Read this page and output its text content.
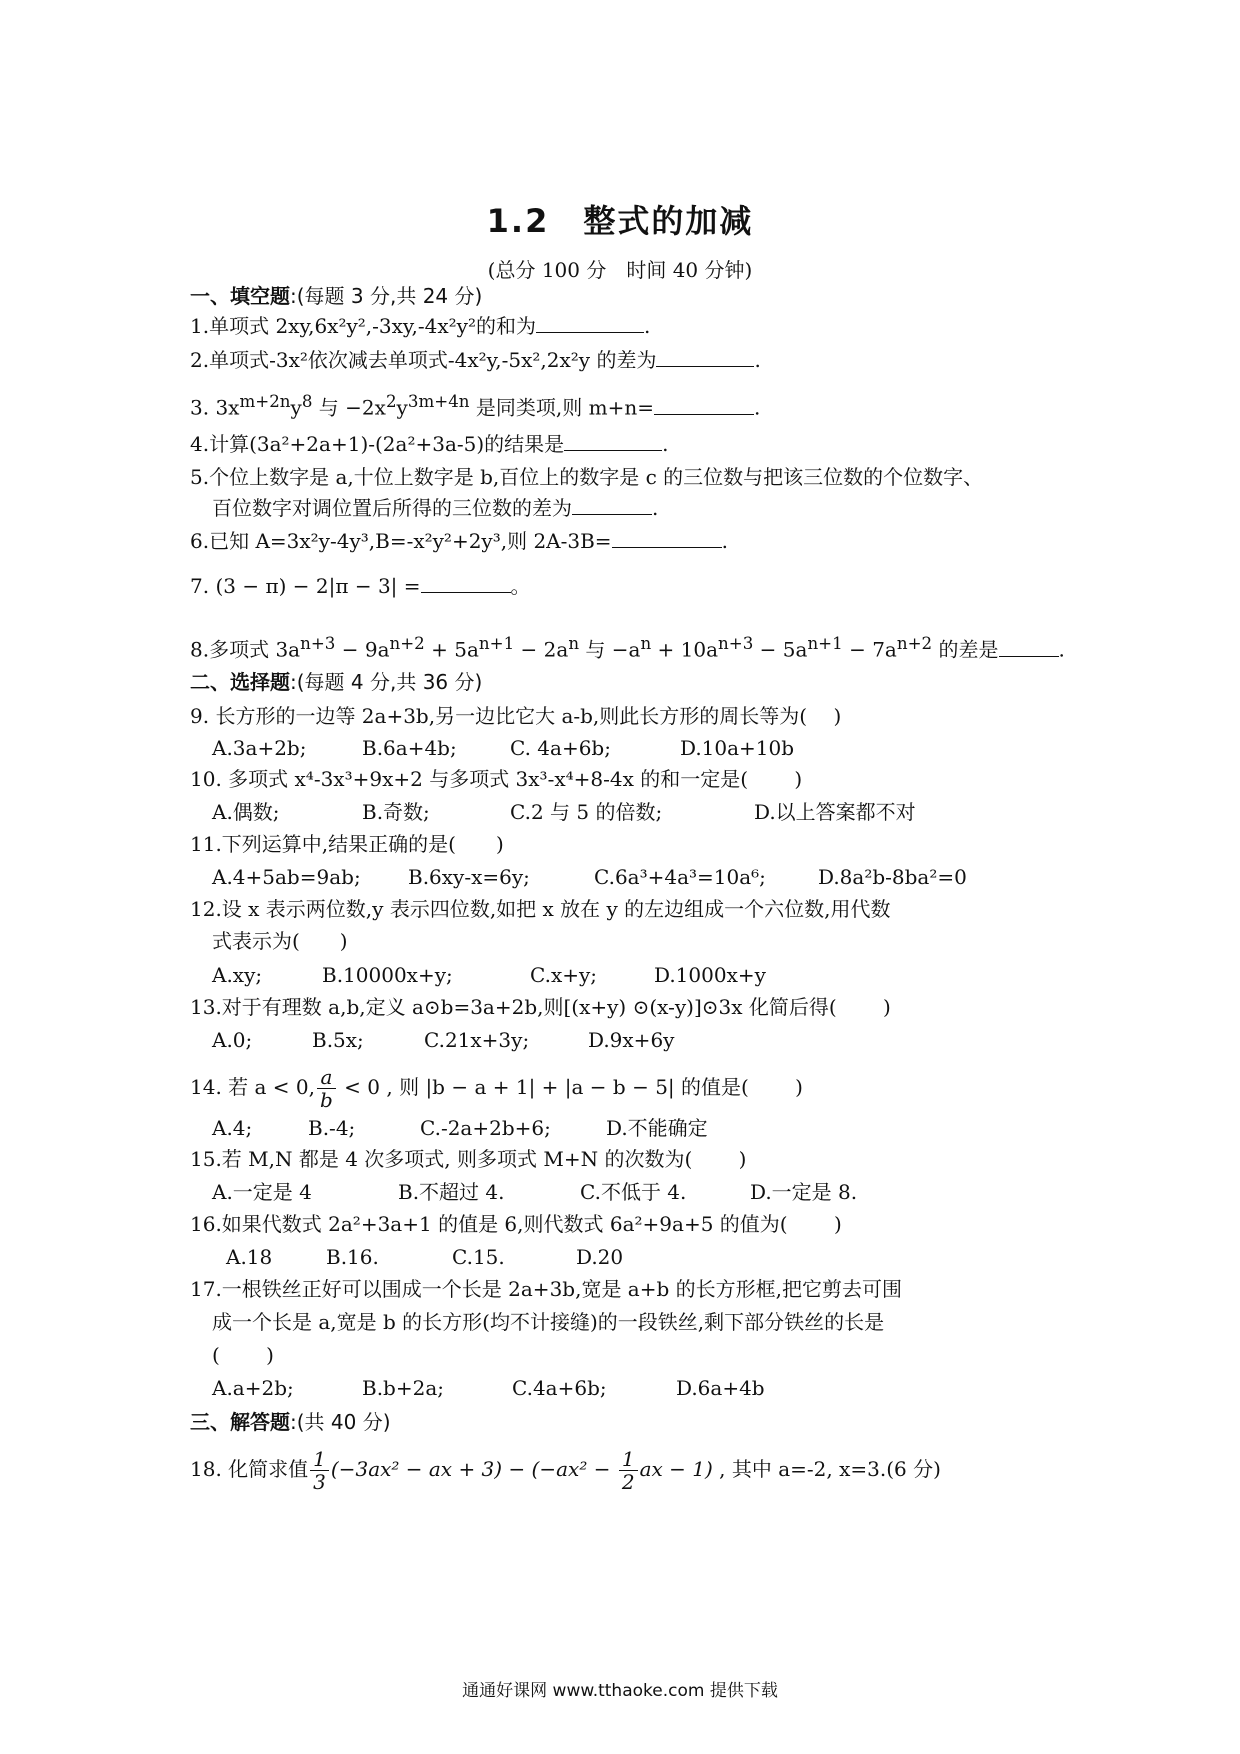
1.2　整式的加减
(总分 100 分　时间 40 分钟)
一、填空题:(每题 3 分,共 24 分)
1.单项式 2xy,6x²y²,-3xy,-4x²y²的和为	.
2.单项式-3x²依次减去单项式-4x²y,-5x²,2x²y 的差为	.
3. $3x^{m+2n}y^8$ 与 $-2x^2y^{3m+4n}$ 是同类项,则 m+n=	.
4.计算(3a²+2a+1)-(2a²+3a-5)的结果是	.
5.个位上数字是 a,十位上数字是 b,百位上的数字是 c 的三位数与把该三位数的个位数字、
百位数字对调位置后所得的三位数的差为	.
6.已知 A=3x²y-4y³,B=-x²y²+2y³,则 2A-3B=	.
7. (3 − π) − 2|π − 3| =	。
8.多项式 $3a^{n+3} - 9a^{n+2} + 5a^{n+1} - 2a^n$ 与 $-a^n + 10a^{n+3} - 5a^{n+1} - 7a^{n+2}$ 的差是	.
二、选择题:(每题 4 分,共 36 分)
9. 长方形的一边等 2a+3b,另一边比它大 a-b,则此长方形的周长等为(　 )
A.3a+2b;	B.6a+4b;	C. 4a+6b;	D.10a+10b
10. 多项式 x⁴-3x³+9x+2 与多项式 3x³-x⁴+8-4x 的和一定是(　　 )
A.偶数;	B.奇数;	C.2 与 5 的倍数;	D.以上答案都不对
11.下列运算中,结果正确的是(　　)
A.4+5ab=9ab; B.6xy-x=6y;	C.6a³+4a³=10a⁶;	D.8a²b-8ba²=0
12.设 x 表示两位数,y 表示四位数,如把 x 放在 y 的左边组成一个六位数,用代数
式表示为(　　)
A.xy;	B.10000x+y;	C.x+y;	D.1000x+y
13.对于有理数 a,b,定义 a⊙b=3a+2b,则[(x+y) ⊙(x-y)]⊙3x 化简后得(　　 )
A.0;	B.5x;	C.21x+3y;	D.9x+6y
14. 若 a < 0, $\frac{a}{b} < 0$ , 则 |b − a + 1| + |a − b − 5| 的值是(　　 )
A.4;	B.-4;	C.-2a+2b+6;	D.不能确定
15.若 M,N 都是 4 次多项式, 则多项式 M+N 的次数为(　　 )
A.一定是 4	B.不超过 4.	C.不低于 4.	D.一定是 8.
16.如果代数式 2a²+3a+1 的值是 6,则代数式 6a²+9a+5 的值为(　　 )
A.18	B.16.	C.15.	D.20
17.一根铁丝正好可以围成一个长是 2a+3b,宽是 a+b 的长方形框,把它剪去可围
成一个长是 a,宽是 b 的长方形(均不计接缝)的一段铁丝,剩下部分铁丝的长是
(　　 )
A.a+2b;	B.b+2a;	C.4a+6b;	D.6a+4b
三、解答题:(共 40 分)
18. 化简求值 $\frac{1}{3} (-3ax^2$ − ax + $3) - (-ax^2 - \frac{1}{2}$ ax − 1) , 其中 a=-2, x=3.(6 分)
通通好课网 www.tthaoke.com 提供下载
